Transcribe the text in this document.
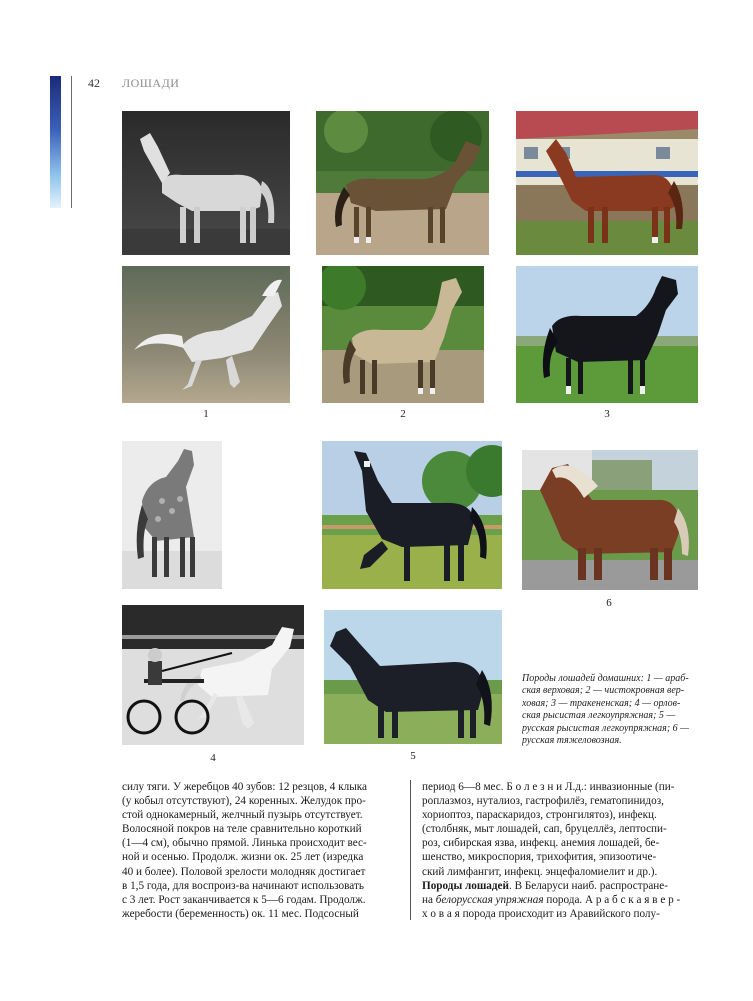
42 ЛОШАДИ
1	2	3
6
4	5
Породы лошадей домашних: 1 — араб-
ская верховая; 2 — чистокровная вер-
ховая; 3 — тракененская; 4 — орлов-
ская рысистая легкоупряжная; 5 —
русская рысистая легкоупряжная; 6 —
русская тяжеловозная.
силу тяги. У жеребцов 40 зубов: 12 резцов, 4 клыка
(у кобыл отсутствуют), 24 коренных. Желудок про-
стой однокамерный, желчный пузырь отсутствует.
Волосяной покров на теле сравнительно короткий
(1—4 см), обычно прямой. Линька происходит вес-
ной и осенью. Продолж. жизни ок. 25 лет (изредка
40 и более). Половой зрелости молодняк достигает
в 1,5 года, для воспроиз-ва начинают использовать
с 3 лет. Рост заканчивается к 5—6 годам. Продолж.
жеребости (беременность) ок. 11 мес. Подсосный
период 6—8 мес. Б о л е з н и Л.д.: инвазионные (пи-
роплазмоз, нуталиоз, гастрофилёз, гематопинидоз,
хориоптоз, параскаридоз, стронгилятоз), инфекц.
(столбняк, мыт лошадей, сап, бруцеллёз, лептоспи-
роз, сибирская язва, инфекц. анемия лошадей, бе-
шенство, микроспория, трихофития, эпизоотиче-
ский лимфангит, инфекц. энцефаломиелит и др.).
Породы лошадей. В Беларуси наиб. распростране-
на белорусская упряжная порода. А р а б с к а я в е р -
х о в а я порода происходит из Аравийского полу-
